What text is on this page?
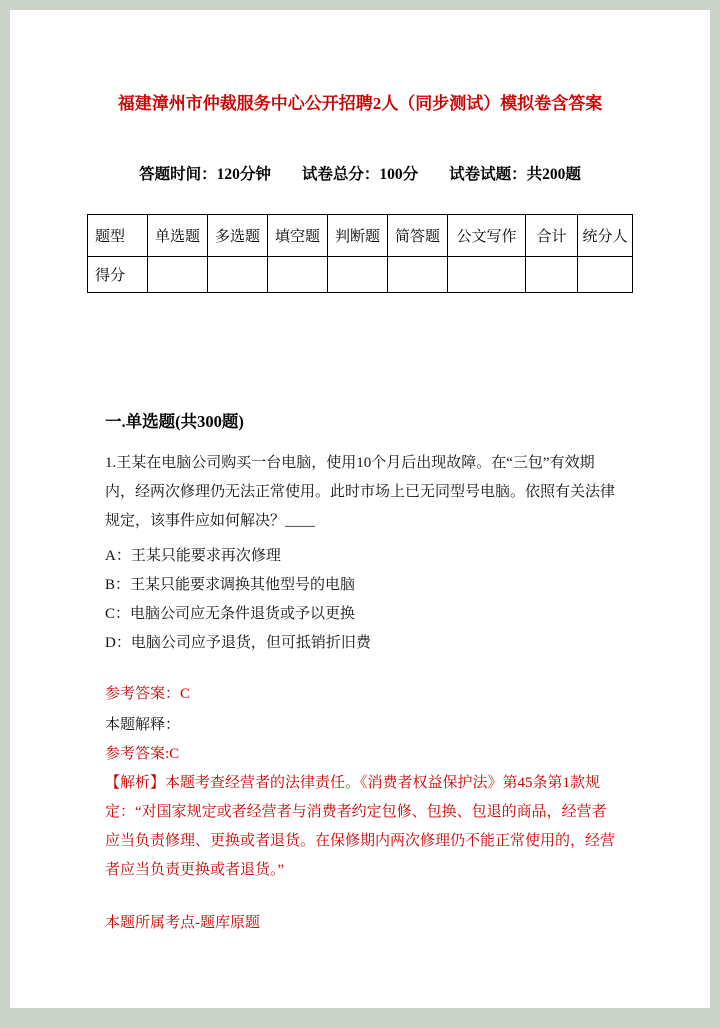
福建漳州市仲裁服务中心公开招聘2人（同步测试）模拟卷含答案

答题时间：120分钟　　试卷总分：100分　　试卷试题：共200题

题型	单选题	多选题	填空题	判断题	简答题	公文写作	合计	统分人
得分								
一.单选题(共300题)

1.王某在电脑公司购买一台电脑，使用10个月后出现故障。在“三包”有效期内，经两次修理仍无法正常使用。此时市场上已无同型号电脑。依照有关法律规定，该事件应如何解决？____

A：王某只能要求再次修理

B：王某只能要求调换其他型号的电脑

C：电脑公司应无条件退货或予以更换

D：电脑公司应予退货，但可抵销折旧费

参考答案：C

本题解释：

参考答案:C

【解析】本题考查经营者的法律责任。《消费者权益保护法》第45条第1款规定：“对国家规定或者经营者与消费者约定包修、包换、包退的商品，经营者应当负责修理、更换或者退货。在保修期内两次修理仍不能正常使用的，经营者应当负责更换或者退货。”

本题所属考点-题库原题
